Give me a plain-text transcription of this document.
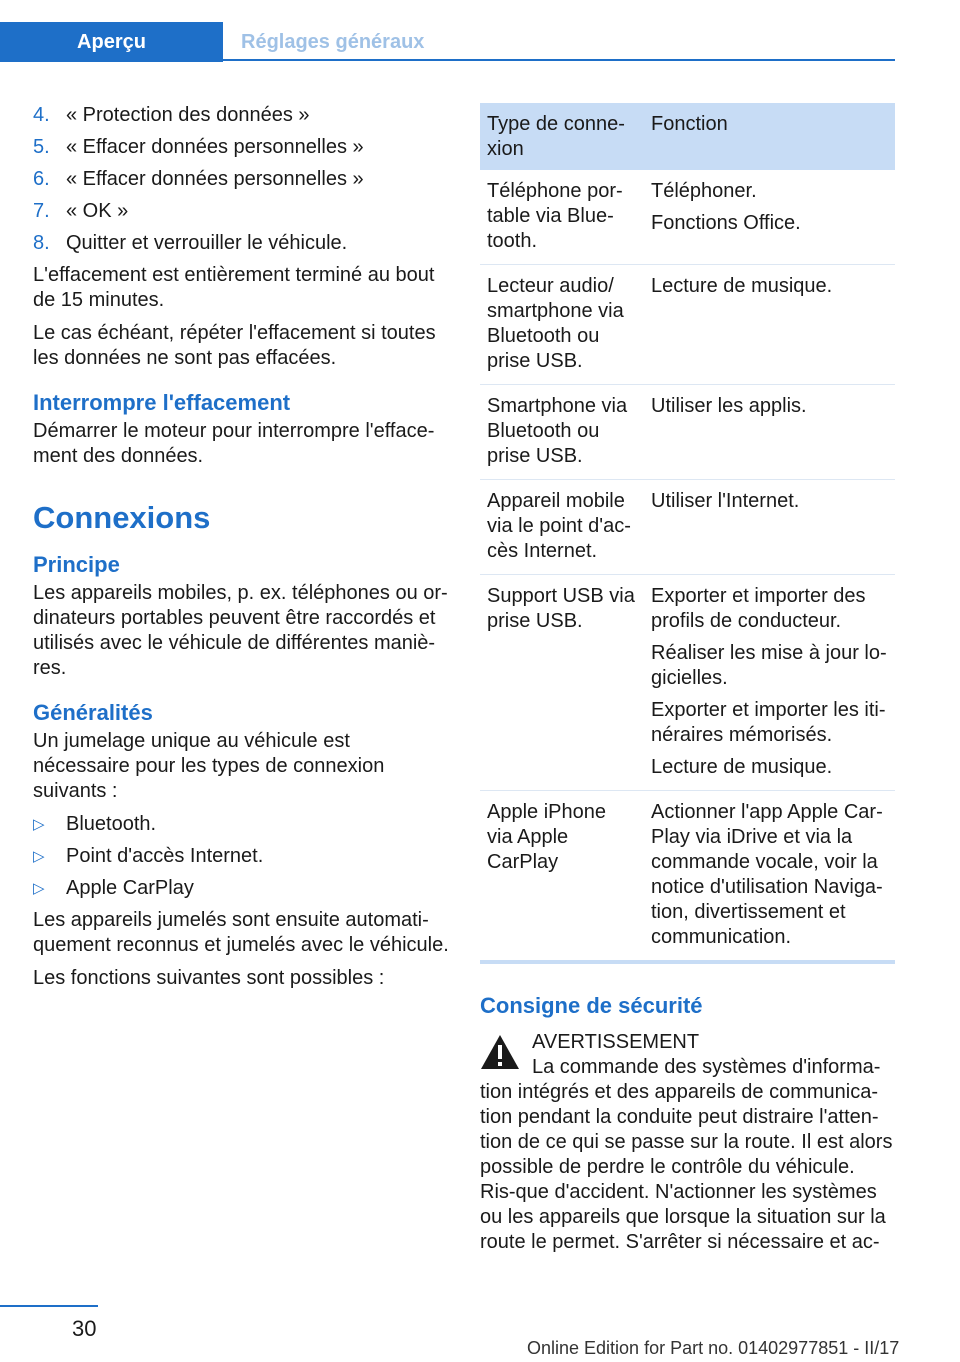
Aperçu	Réglages généraux
4. « Protection des données »
5. « Effacer données personnelles »
6. « Effacer données personnelles »
7. « OK »
8. Quitter et verrouiller le véhicule.

L'effacement est entièrement terminé au bout de 15 minutes.

Le cas échéant, répéter l'effacement si toutes les données ne sont pas effacées.

Interrompre l'effacement

Démarrer le moteur pour interrompre l'efface‐ment des données.

Connexions
Principe

Les appareils mobiles, p. ex. téléphones ou or‐dinateurs portables peuvent être raccordés et utilisés avec le véhicule de différentes maniè‐res.

Généralités

Un jumelage unique au véhicule est nécessaire pour les types de connexion suivants :

▷	Bluetooth.
▷	Point d'accès Internet.
▷	Apple CarPlay

Les appareils jumelés sont ensuite automati‐quement reconnus et jumelés avec le véhicule.

Les fonctions suivantes sont possibles :

Type de conne‐xion	Fonction
Téléphone por‐table via Blue‐tooth.	Téléphoner.

Fonctions Office.

Lecteur audio/ smartphone via Bluetooth ou prise USB.	Lecture de musique.

Smartphone via Bluetooth ou prise USB.	Utiliser les applis.

Appareil mobile via le point d'ac‐cès Internet.	Utiliser l'Internet.

Support USB via prise USB.	Exporter et importer des profils de conducteur.

Réaliser les mise à jour lo‐gicielles.

Exporter et importer les iti‐néraires mémorisés.

Lecture de musique.

Apple iPhone via Apple CarPlay	Actionner l'app Apple Car‐Play via iDrive et via la commande vocale, voir la notice d'utilisation Naviga‐tion, divertissement et communication.

Consigne de sécurité
AVERTISSEMENT
La commande des systèmes d'informa‐

tion intégrés et des appareils de communica‐tion pendant la conduite peut distraire l'atten‐tion de ce qui se passe sur la route. Il est alors possible de perdre le contrôle du véhicule. Ris‐que d'accident. N'actionner les systèmes ou les appareils que lorsque la situation sur la route le permet. S'arrêter si nécessaire et ac‐

30
Online Edition for Part no. 01402977851 - II/17
